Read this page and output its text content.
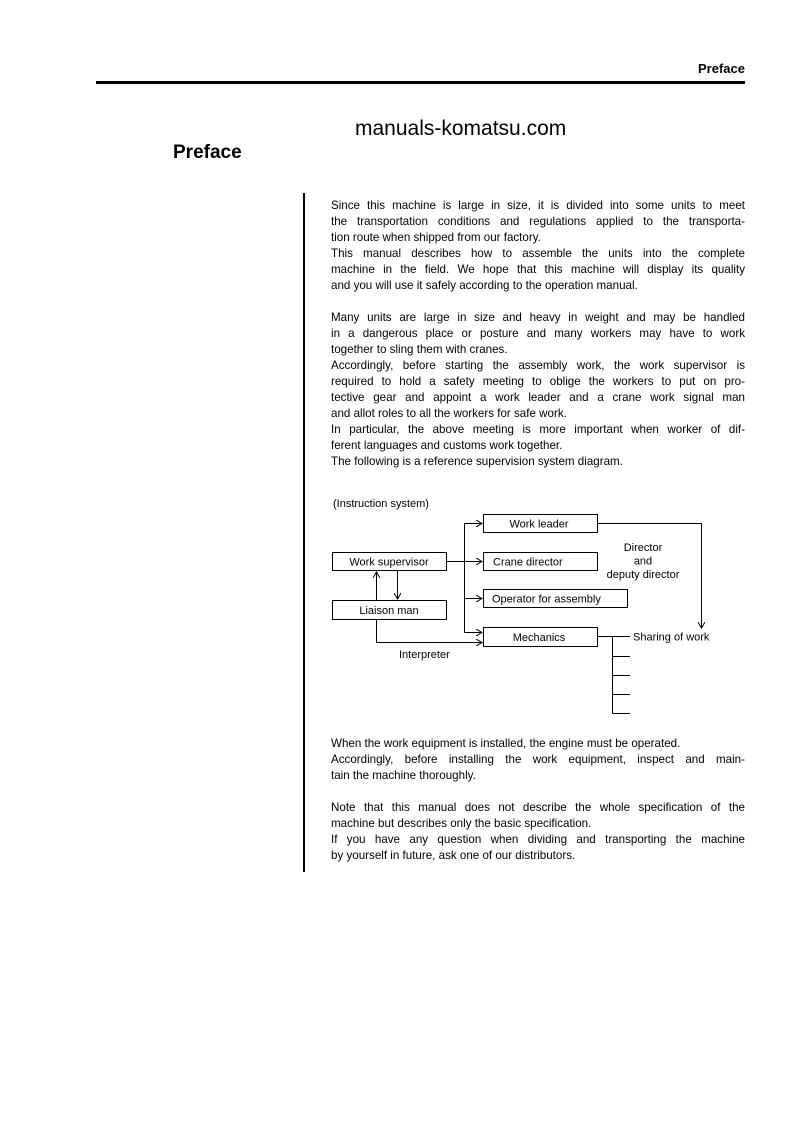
Preface
manuals-komatsu.com
Preface
Since this machine is large in size, it is divided into some units to meet
the transportation conditions and regulations applied to the transporta-
tion route when shipped from our factory.
This manual describes how to assemble the units into the complete
machine in the field. We hope that this machine will display its quality
and you will use it safely according to the operation manual.
Many units are large in size and heavy in weight and may be handled
in a dangerous place or posture and many workers may have to work
together to sling them with cranes.
Accordingly, before starting the assembly work, the work supervisor is
required to hold a safety meeting to oblige the workers to put on pro-
tective gear and appoint a work leader and a crane work signal man
and allot roles to all the workers for safe work.
In particular, the above meeting is more important when worker of dif-
ferent languages and customs work together.
The following is a reference supervision system diagram.
When the work equipment is installed, the engine must be operated.
Accordingly, before installing the work equipment, inspect and main-
tain the machine thoroughly.
Note that this manual does not describe the whole specification of the
machine but describes only the basic specification.
If you have any question when dividing and transporting the machine
by yourself in future, ask one of our distributors.
(Instruction system)
Work supervisor
Liaison man
Work leader
Crane director
Operator for assembly
Mechanics
Director
and
deputy director
Sharing of work
Interpreter
